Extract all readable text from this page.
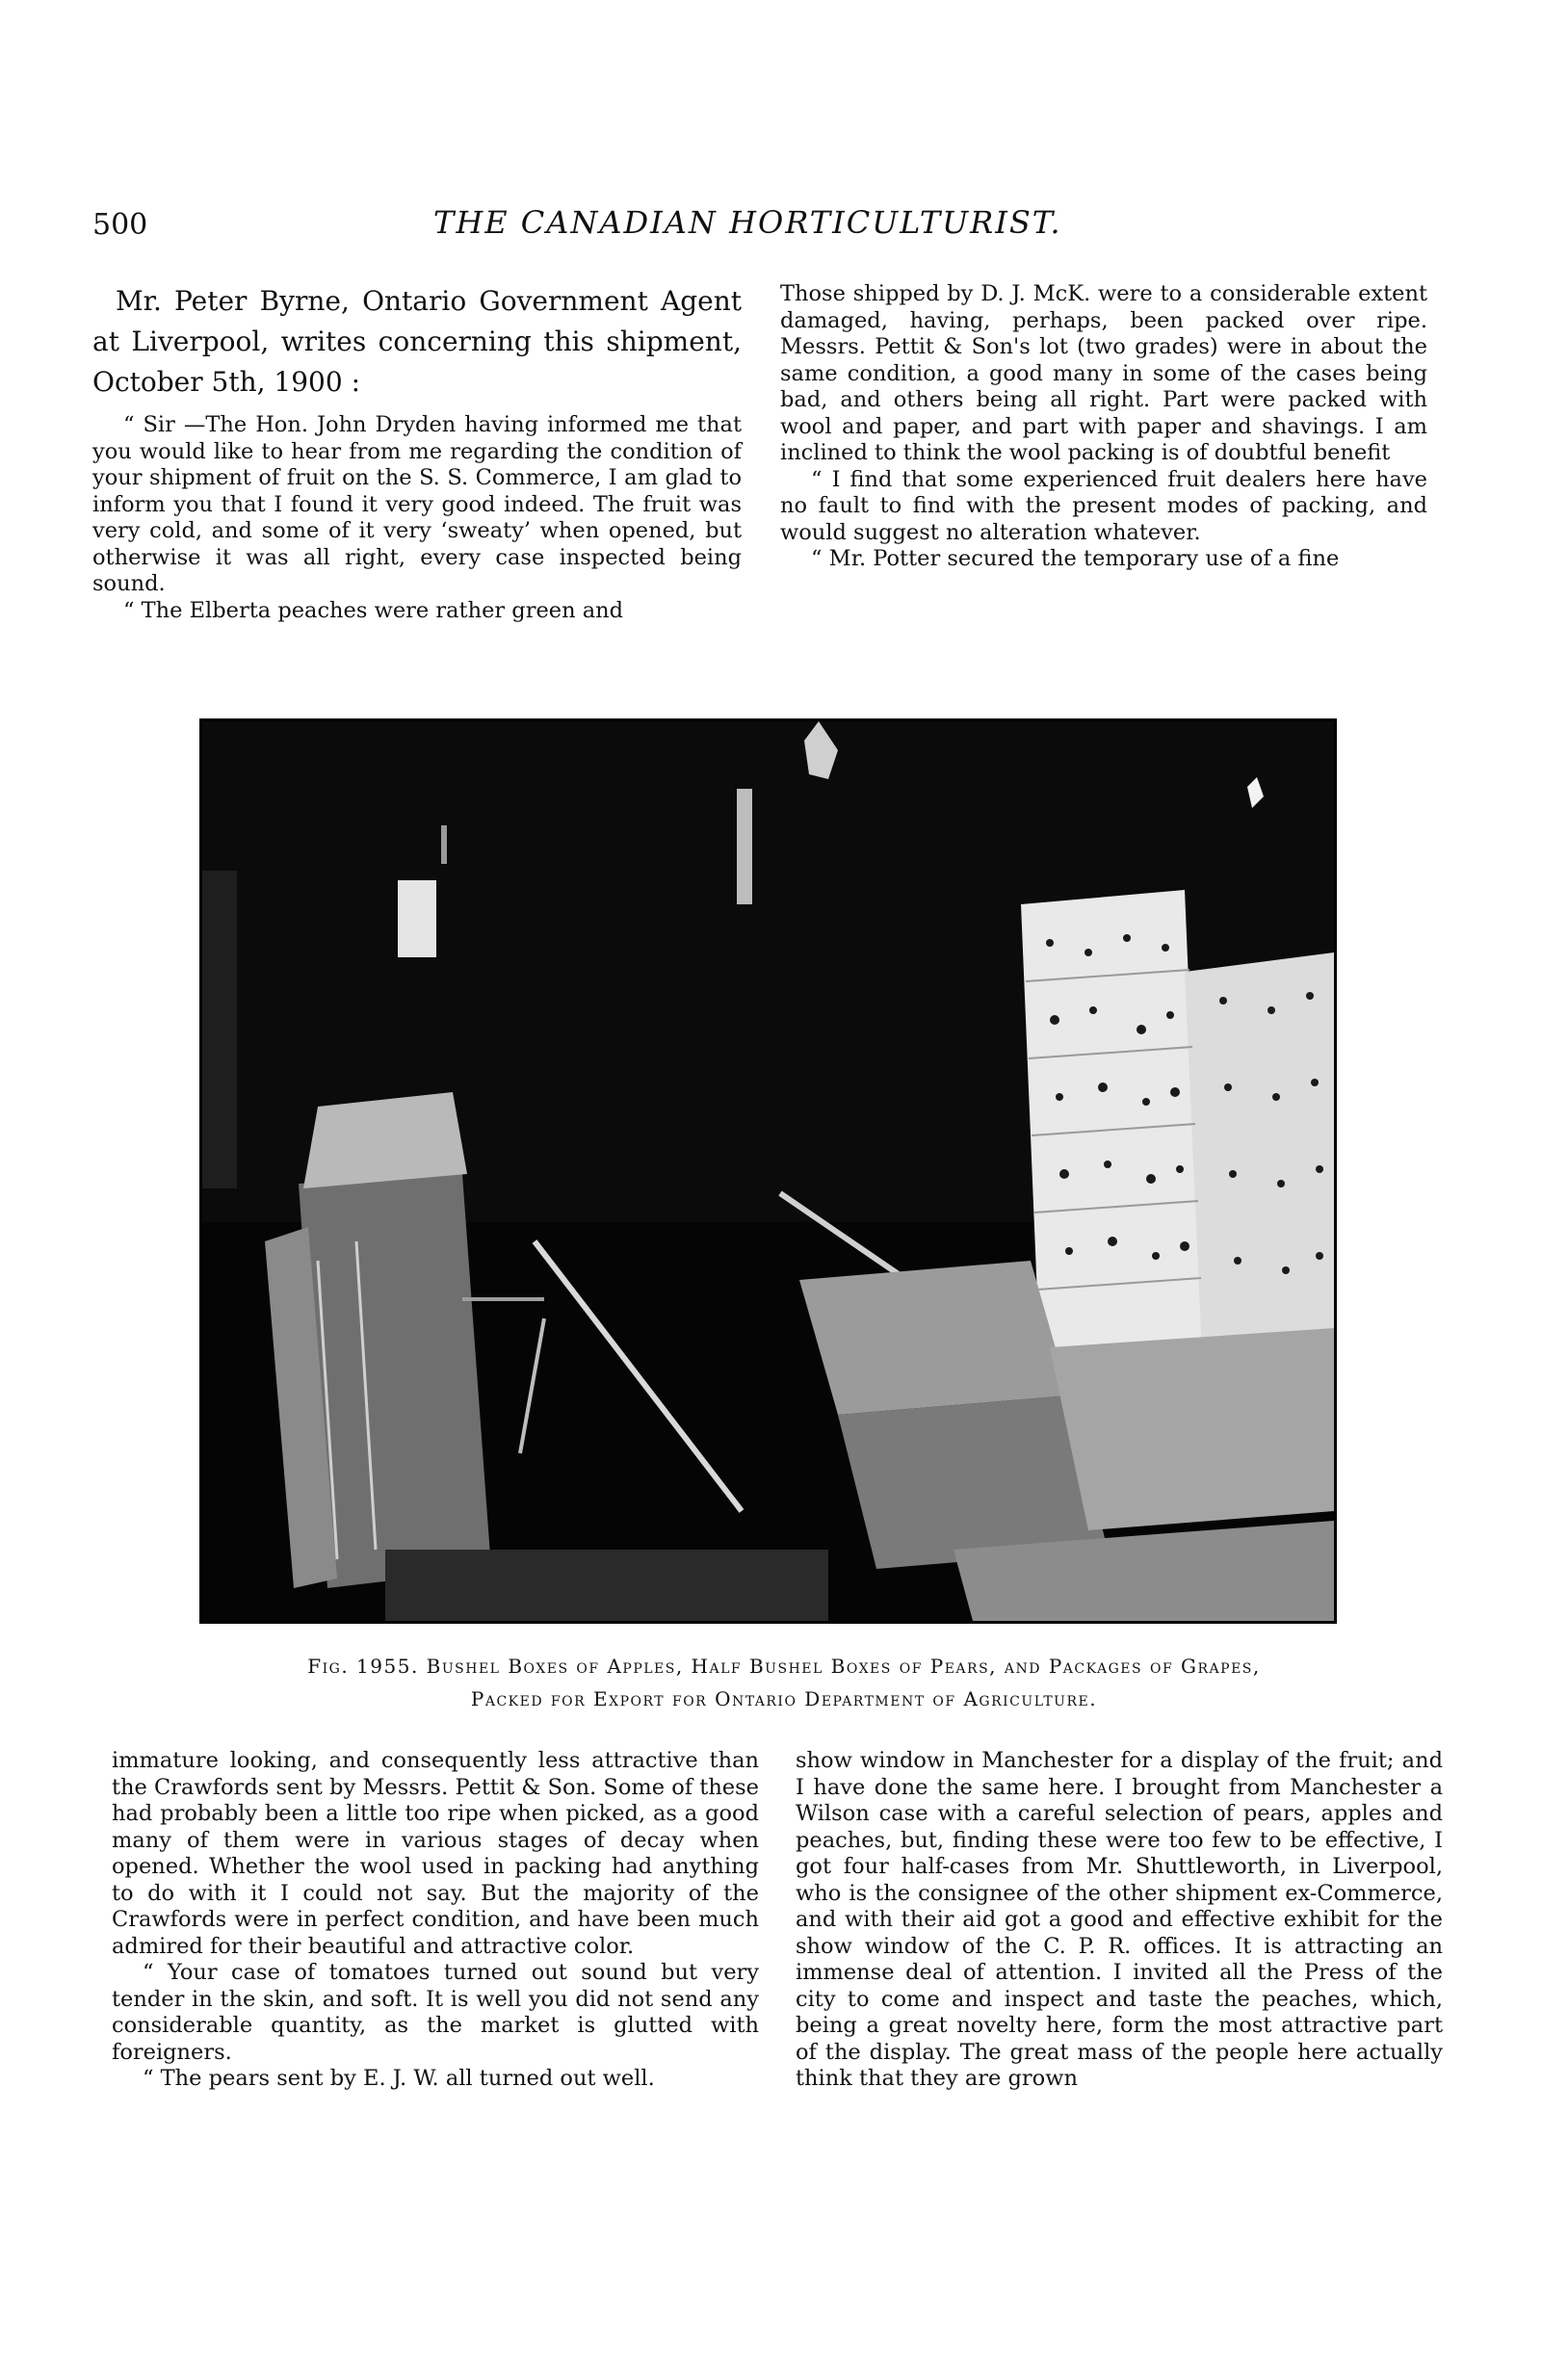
500	THE CANADIAN HORTICULTURIST.

Mr. Peter Byrne, Ontario Government Agent at Liverpool, writes concerning this shipment, October 5th, 1900 :

“ Sir —The Hon. John Dryden having informed me that you would like to hear from me regarding the condition of your shipment of fruit on the S. S. Commerce, I am glad to inform you that I found it very good indeed. The fruit was very cold, and some of it very ‘sweaty’ when opened, but otherwise it was all right, every case inspected being sound.

“ The Elberta peaches were rather green and

Those shipped by D. J. McK. were to a considerable extent damaged, having, perhaps, been packed over ripe. Messrs. Pettit & Son's lot (two grades) were in about the same condition, a good many in some of the cases being bad, and others being all right. Part were packed with wool and paper, and part with paper and shavings. I am inclined to think the wool packing is of doubtful benefit

“ I find that some experienced fruit dealers here have no fault to find with the present modes of packing, and would suggest no alteration whatever.

“ Mr. Potter secured the temporary use of a fine

Fig. 1955. Bushel Boxes of Apples, Half Bushel Boxes of Pears, and Packages of Grapes,
Packed for Export for Ontario Department of Agriculture.

immature looking, and consequently less attractive than the Crawfords sent by Messrs. Pettit & Son. Some of these had probably been a little too ripe when picked, as a good many of them were in various stages of decay when opened. Whether the wool used in packing had anything to do with it I could not say. But the majority of the Crawfords were in perfect condition, and have been much admired for their beautiful and attractive color.

“ Your case of tomatoes turned out sound but very tender in the skin, and soft. It is well you did not send any considerable quantity, as the market is glutted with foreigners.

“ The pears sent by E. J. W. all turned out well.

show window in Manchester for a display of the fruit; and I have done the same here. I brought from Manchester a Wilson case with a careful selection of pears, apples and peaches, but, finding these were too few to be effective, I got four half-cases from Mr. Shuttleworth, in Liverpool, who is the consignee of the other shipment ex-Commerce, and with their aid got a good and effective exhibit for the show window of the C. P. R. offices. It is attracting an immense deal of attention. I invited all the Press of the city to come and inspect and taste the peaches, which, being a great novelty here, form the most attractive part of the display. The great mass of the people here actually think that they are grown
